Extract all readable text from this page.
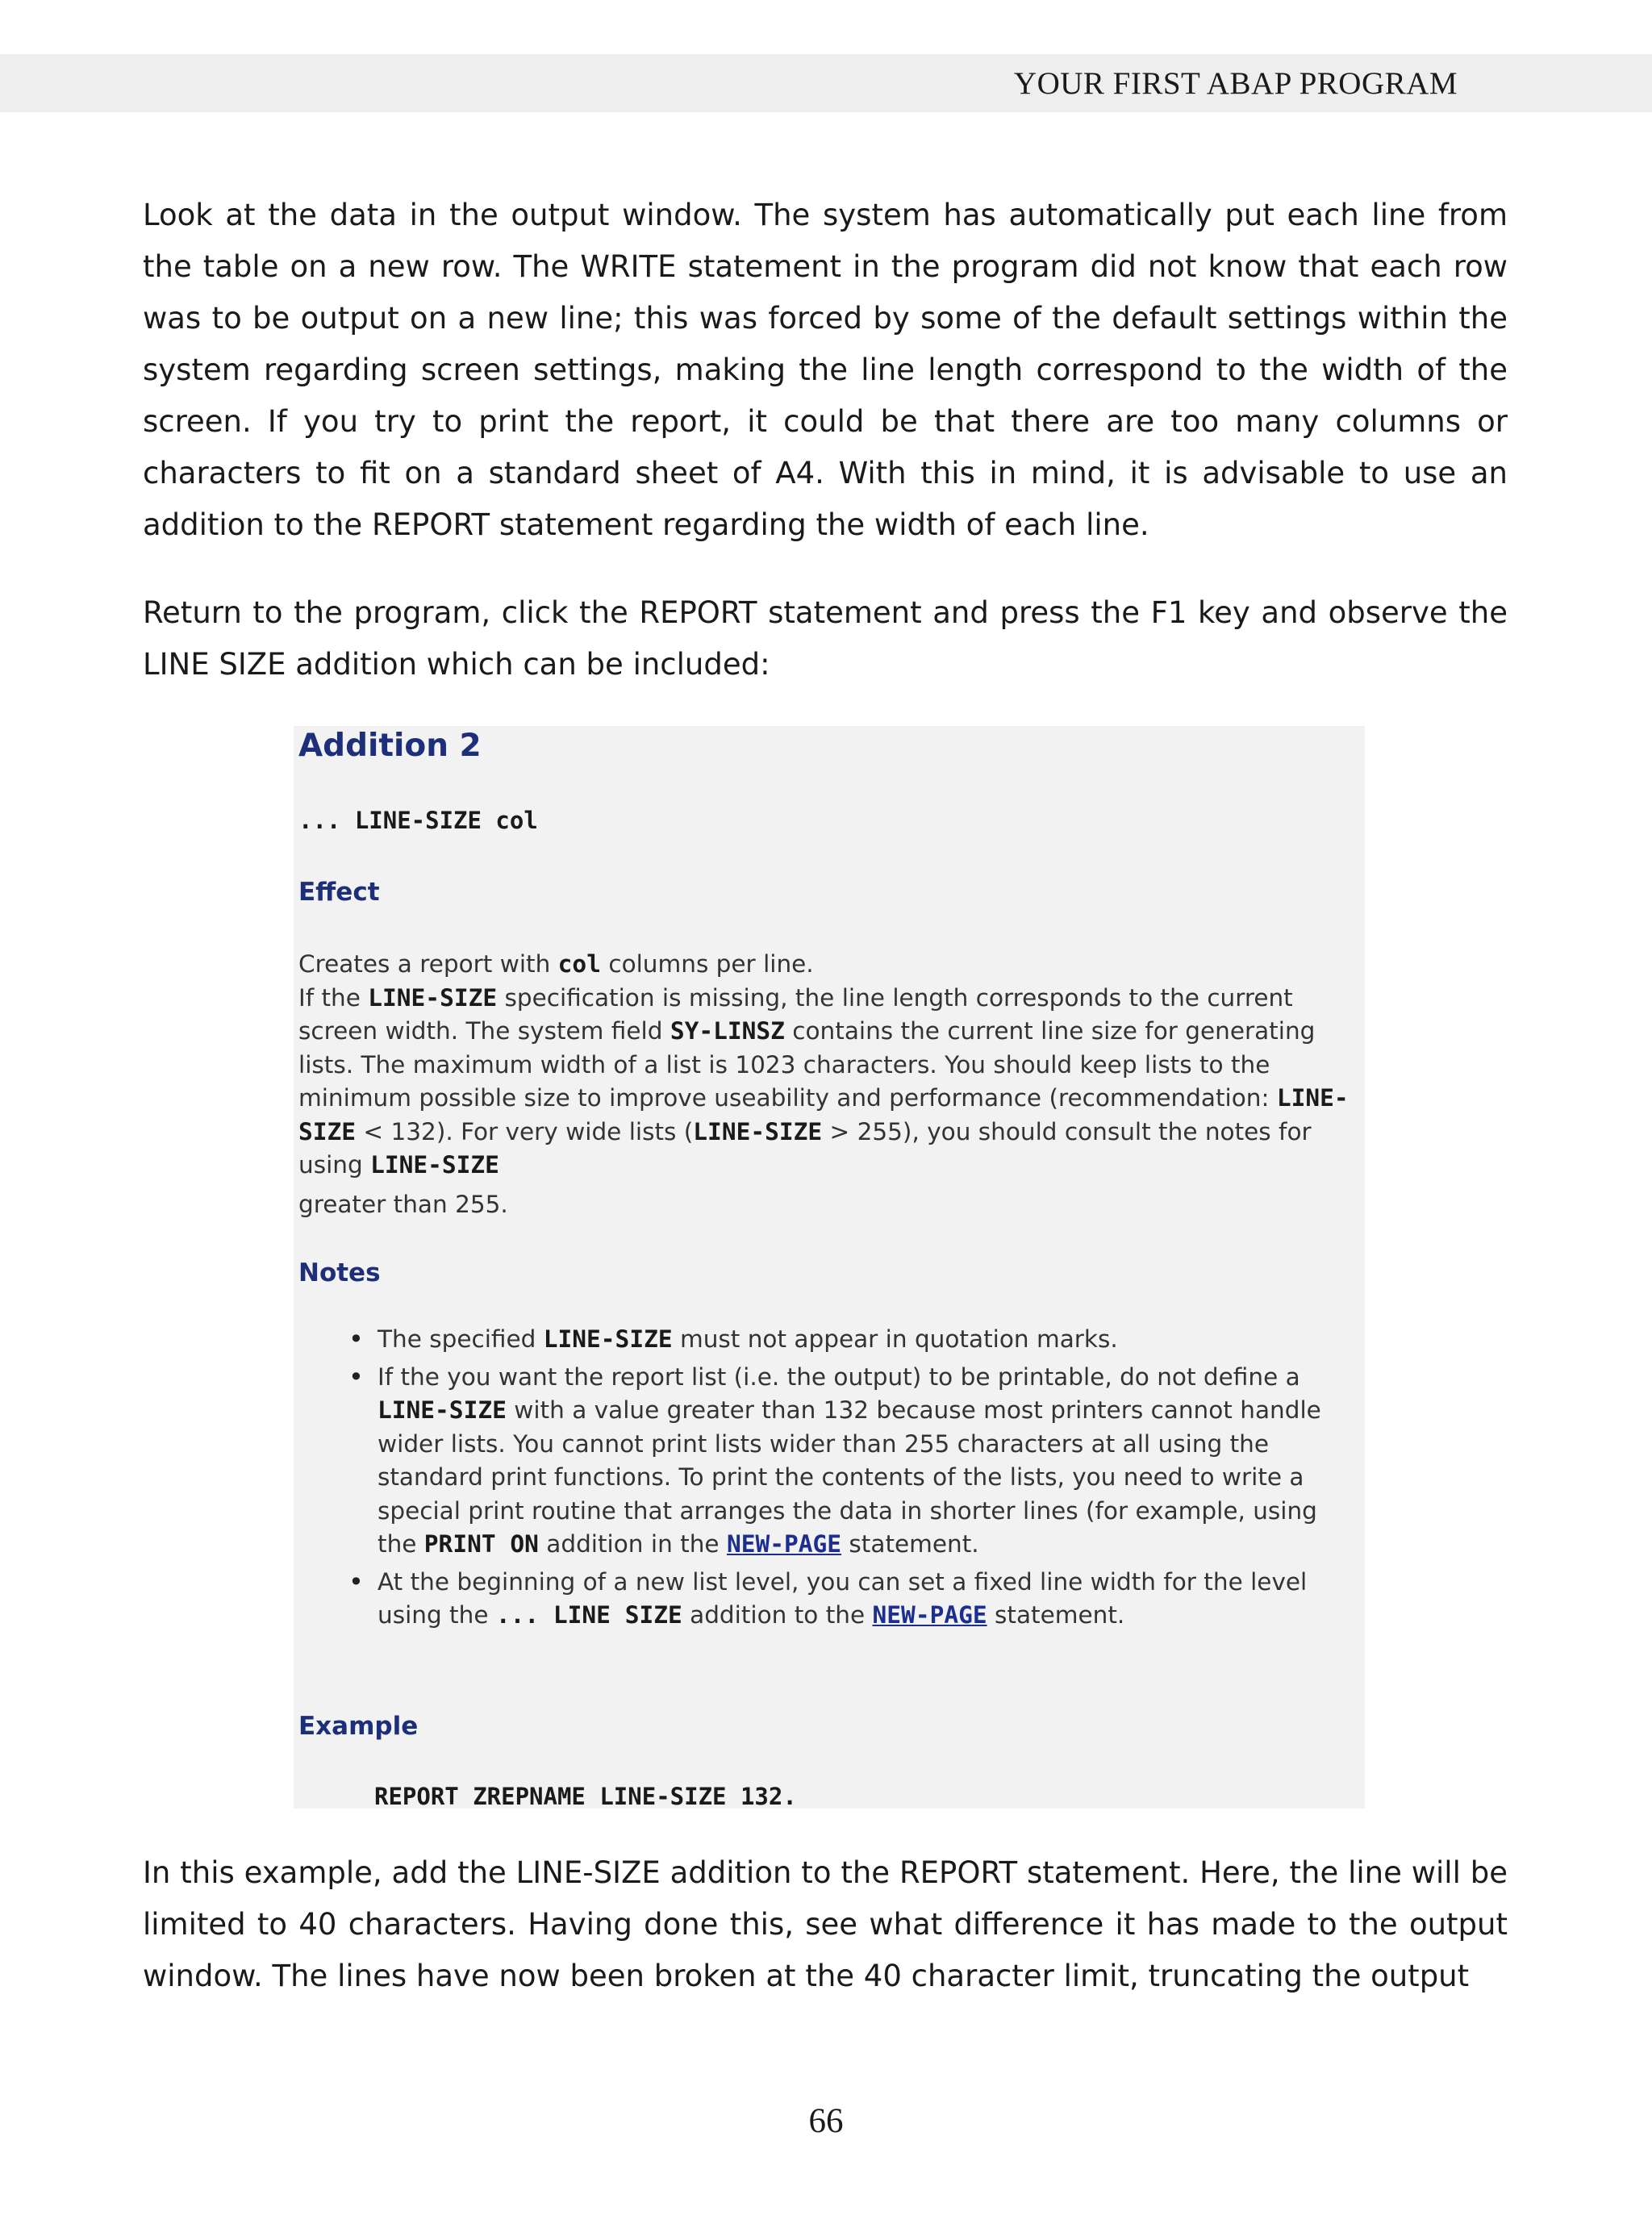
YOUR FIRST ABAP PROGRAM

Look at the data in the output window. The system has automatically put each line from the table on a new row. The WRITE statement in the program did not know that each row was to be output on a new line; this was forced by some of the default settings within the system regarding screen settings, making the line length correspond to the width of the screen. If you try to print the report, it could be that there are too many columns or characters to fit on a standard sheet of A4. With this in mind, it is advisable to use an addition to the REPORT statement regarding the width of each line.

Return to the program, click the REPORT statement and press the F1 key and observe the LINE SIZE addition which can be included:

Addition 2
... LINE-SIZE col
Effect

Creates a report with col columns per line.
If the LINE-SIZE specification is missing, the line length corresponds to the current screen width. The system field SY-LINSZ contains the current line size for generating lists. The maximum width of a list is 1023 characters. You should keep lists to the minimum possible size to improve useability and performance (recommendation: LINE-SIZE < 132). For very wide lists (LINE-SIZE > 255), you should consult the notes for using LINE-SIZE

greater than 255.

Notes
• The specified LINE-SIZE must not appear in quotation marks.
• If the you want the report list (i.e. the output) to be printable, do not define a LINE-SIZE with a value greater than 132 because most printers cannot handle wider lists. You cannot print lists wider than 255 characters at all using the standard print functions. To print the contents of the lists, you need to write a special print routine that arranges the data in shorter lines (for example, using the PRINT ON addition in the NEW-PAGE statement.
• At the beginning of a new list level, you can set a fixed line width for the level using the ... LINE SIZE addition to the NEW-PAGE statement.
Example
REPORT ZREPNAME LINE-SIZE 132.

In this example, add the LINE-SIZE addition to the REPORT statement. Here, the line will be limited to 40 characters. Having done this, see what difference it has made to the output window. The lines have now been broken at the 40 character limit, truncating the output

66
